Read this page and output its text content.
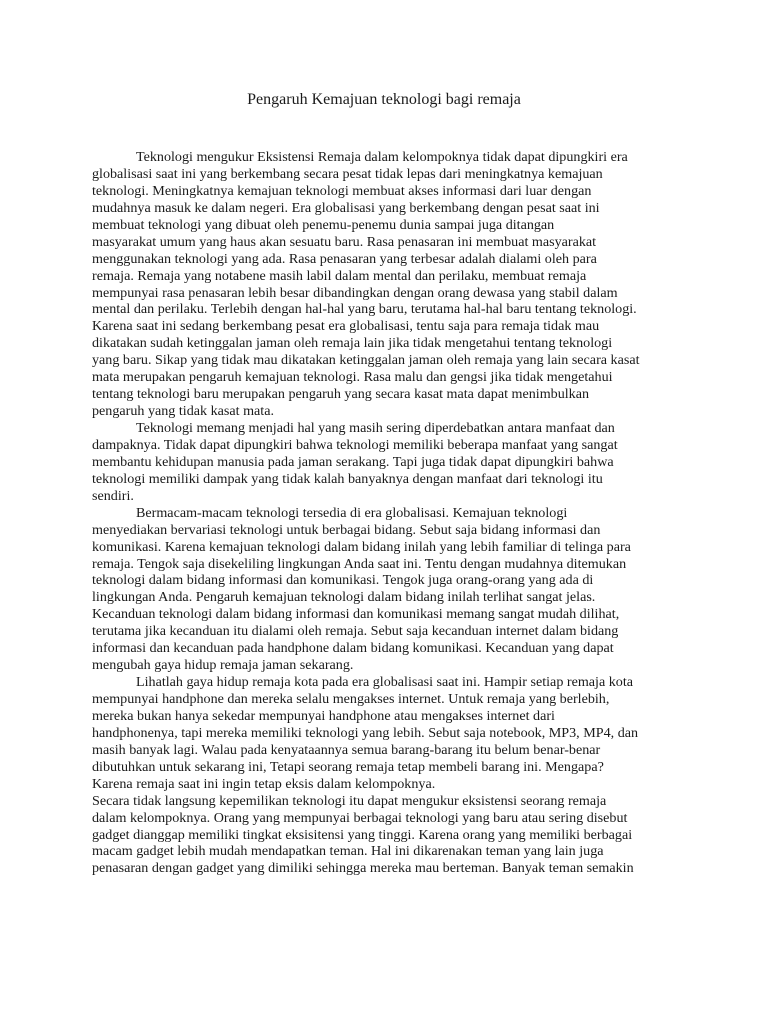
Pengaruh Kemajuan teknologi bagi remaja
Teknologi mengukur Eksistensi Remaja dalam kelompoknya tidak dapat dipungkiri era
globalisasi saat ini yang berkembang secara pesat tidak lepas dari meningkatnya kemajuan
teknologi. Meningkatnya kemajuan teknologi membuat akses informasi dari luar dengan
mudahnya masuk ke dalam negeri. Era globalisasi yang berkembang dengan pesat saat ini
membuat teknologi yang dibuat oleh penemu-penemu dunia sampai juga ditangan
masyarakat umum yang haus akan sesuatu baru. Rasa penasaran ini membuat masyarakat
menggunakan teknologi yang ada. Rasa penasaran yang terbesar adalah dialami oleh para
remaja. Remaja yang notabene masih labil dalam mental dan perilaku, membuat remaja
mempunyai rasa penasaran lebih besar dibandingkan dengan orang dewasa yang stabil dalam
mental dan perilaku. Terlebih dengan hal-hal yang baru, terutama hal-hal baru tentang teknologi.
Karena saat ini sedang berkembang pesat era globalisasi, tentu saja para remaja tidak mau
dikatakan sudah ketinggalan jaman oleh remaja lain jika tidak mengetahui tentang teknologi
yang baru. Sikap yang tidak mau dikatakan ketinggalan jaman oleh remaja yang lain secara kasat
mata merupakan pengaruh kemajuan teknologi. Rasa malu dan gengsi jika tidak mengetahui
tentang teknologi baru merupakan pengaruh yang secara kasat mata dapat menimbulkan
pengaruh yang tidak kasat mata.
Teknologi memang menjadi hal yang masih sering diperdebatkan antara manfaat dan
dampaknya. Tidak dapat dipungkiri bahwa teknologi memiliki beberapa manfaat yang sangat
membantu kehidupan manusia pada jaman serakang. Tapi juga tidak dapat dipungkiri bahwa
teknologi memiliki dampak yang tidak kalah banyaknya dengan manfaat dari teknologi itu
sendiri.
Bermacam-macam teknologi tersedia di era globalisasi. Kemajuan teknologi
menyediakan bervariasi teknologi untuk berbagai bidang. Sebut saja bidang informasi dan
komunikasi. Karena kemajuan teknologi dalam bidang inilah yang lebih familiar di telinga para
remaja. Tengok saja disekeliling lingkungan Anda saat ini. Tentu dengan mudahnya ditemukan
teknologi dalam bidang informasi dan komunikasi. Tengok juga orang-orang yang ada di
lingkungan Anda. Pengaruh kemajuan teknologi dalam bidang inilah terlihat sangat jelas.
Kecanduan teknologi dalam bidang informasi dan komunikasi memang sangat mudah dilihat,
terutama jika kecanduan itu dialami oleh remaja. Sebut saja kecanduan internet dalam bidang
informasi dan kecanduan pada handphone dalam bidang komunikasi. Kecanduan yang dapat
mengubah gaya hidup remaja jaman sekarang.
Lihatlah gaya hidup remaja kota pada era globalisasi saat ini. Hampir setiap remaja kota
mempunyai handphone dan mereka selalu mengakses internet. Untuk remaja yang berlebih,
mereka bukan hanya sekedar mempunyai handphone atau mengakses internet dari
handphonenya, tapi mereka memiliki teknologi yang lebih. Sebut saja notebook, MP3, MP4, dan
masih banyak lagi. Walau pada kenyataannya semua barang-barang itu belum benar-benar
dibutuhkan untuk sekarang ini, Tetapi seorang remaja tetap membeli barang ini. Mengapa?
Karena remaja saat ini ingin tetap eksis dalam kelompoknya.
Secara tidak langsung kepemilikan teknologi itu dapat mengukur eksistensi seorang remaja
dalam kelompoknya. Orang yang mempunyai berbagai teknologi yang baru atau sering disebut
gadget dianggap memiliki tingkat eksisitensi yang tinggi. Karena orang yang memiliki berbagai
macam gadget lebih mudah mendapatkan teman. Hal ini dikarenakan teman yang lain juga
penasaran dengan gadget yang dimiliki sehingga mereka mau berteman. Banyak teman semakin
